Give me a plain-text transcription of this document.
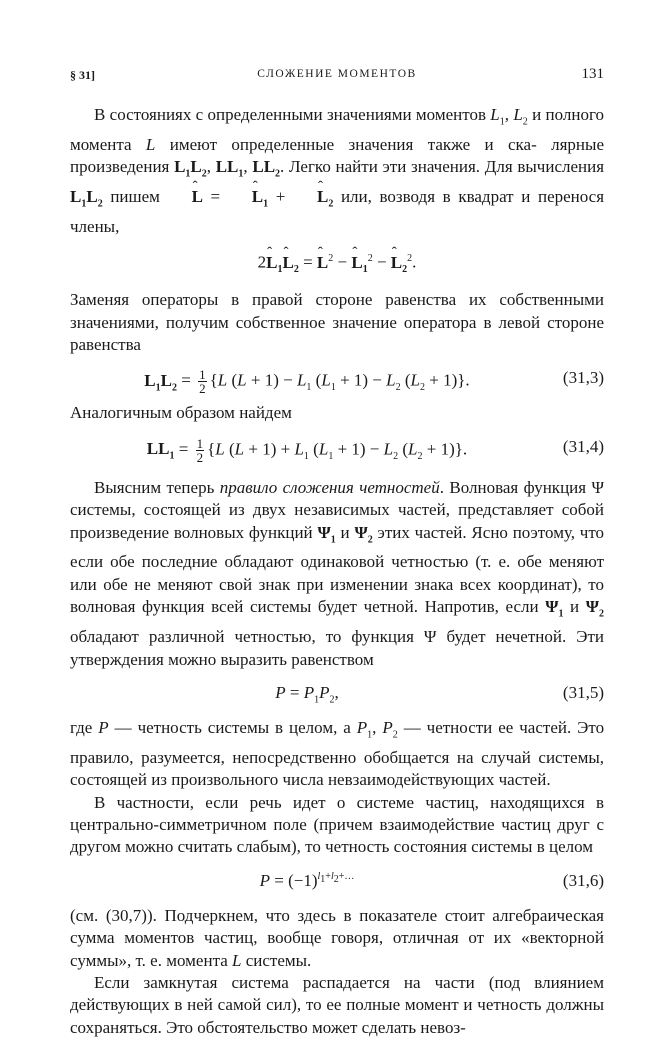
§ 31]	СЛОЖЕНИЕ МОМЕНТОВ	131

В состояниях с определенными значениями моментов $L_1$, $L_2$ и полного момента L имеют определенные значения также и ска- лярные произведения $L_1L_2$, $LL_1$, $LL_2$. Легко найти эти значения. Для вычисления $L_1L_2$ пишем ˆ L = ˆ $L_1$ + ˆ $L_2$ или, возводя в квадрат и перенося члены,

2ˆ $L_1ˆ$ $L_2$ = ˆ $L^2$ − ˆ $L_1^2$ − ˆ $L_2^2$.

Заменяя операторы в правой стороне равенства их собственными значениями, получим собственное значение оператора в левой стороне равенства

$L_1L_2 = \frac{1}{2} \{L$ $(L + 1) - L_1$ $(L_1 + 1) - L_2$ $(L_2 + 1)$}.	(31,3)

Аналогичным образом найдем

$LL_1 = \frac{1}{2} \{L$ $(L + 1) + L_1$ $(L_1 + 1) - L_2$ $(L_2 + 1)$}.	(31,4)

Выясним теперь правило сложения четностей. Волновая функция Ψ системы, состоящей из двух независимых частей, представляет собой произведение волновых функций $\Psi_1$ и $\Psi_2$ этих частей. Ясно поэтому, что если обе последние обладают одинаковой четностью (т. е. обе меняют или обе не меняют свой знак при изменении знака всех координат), то волновая функция всей системы будет четной. Напротив, если $\Psi_1$ и $\Psi_2$ обладают различной четностью, то функция Ψ будет нечетной. Эти утверждения можно выразить равенством

$P = P_1P_2$,	(31,5)

где P — четность системы в целом, а $P_1$, $P_2$ — четности ее частей. Это правило, разумеется, непосредственно обобщается на случай системы, состоящей из произвольного числа невзаимодействующих частей.

В частности, если речь идет о системе частиц, находящихся в центрально-симметричном поле (причем взаимодействие частиц друг с другом можно считать слабым), то четность состояния системы в целом

$P = (-1)^{l_1+l_2+\dots}$	(31,6)

(см. (30,7)). Подчеркнем, что здесь в показателе стоит алгебраическая сумма моментов частиц, вообще говоря, отличная от их «векторной суммы», т. е. момента L системы.

Если замкнутая система распадается на части (под влиянием действующих в ней самой сил), то ее полные момент и четность должны сохраняться. Это обстоятельство может сделать невоз-
